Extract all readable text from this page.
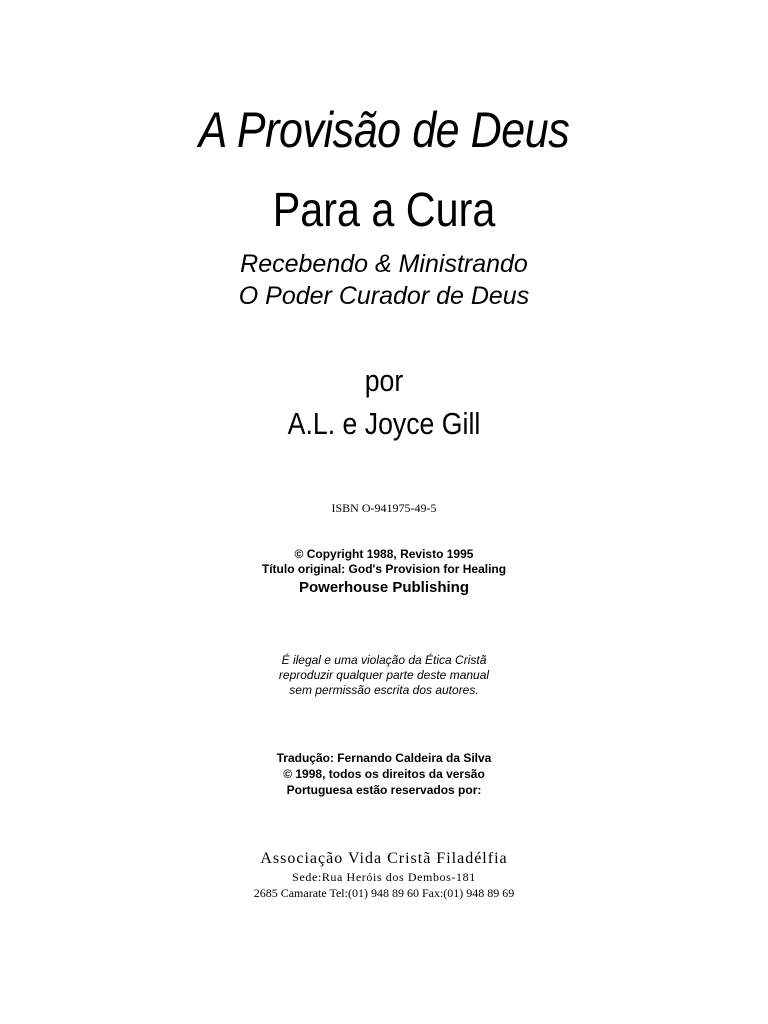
A Provisão de Deus
Para a Cura
Recebendo & Ministrando
O Poder Curador de Deus
por
A.L. e Joyce Gill
ISBN O-941975-49-5
© Copyright 1988, Revisto 1995
Título original: God's Provision for Healing
Powerhouse Publishing
É ilegal e uma violação da Ética Cristã
reproduzir qualquer parte deste manual
sem permissão escrita dos autores.
Tradução: Fernando Caldeira da Silva
© 1998, todos os direitos da versão
Portuguesa estão reservados por:
Associação Vida Cristã Filadélfia
Sede:Rua Heróis dos Dembos-181
2685 Camarate Tel:(01) 948 89 60 Fax:(01) 948 89 69
